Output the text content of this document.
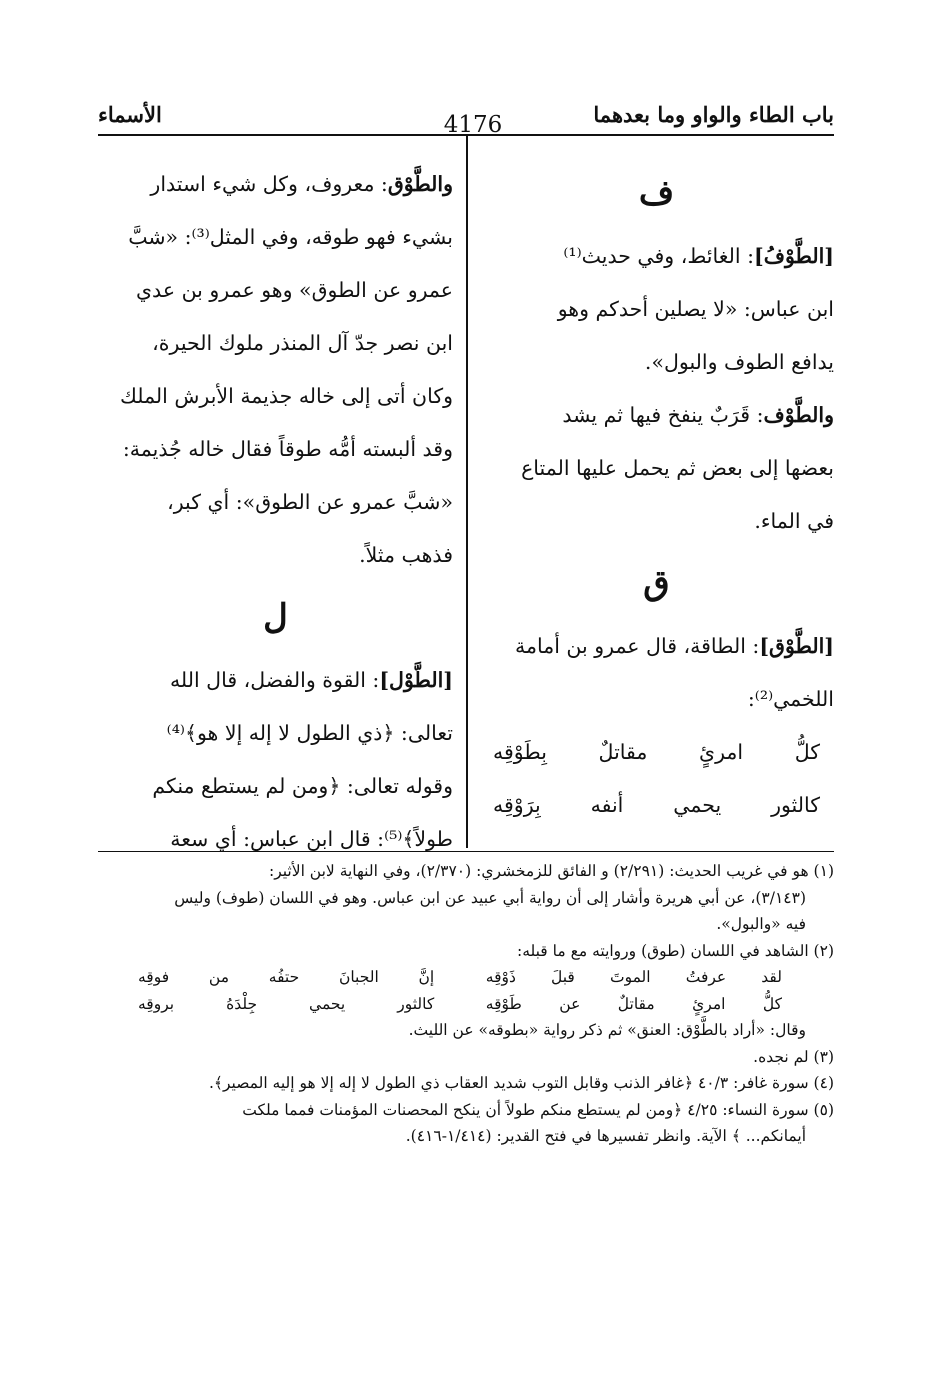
باب الطاء والواو وما بعدهما
4176
الأسماء

ف

[الطَّوْفُ]: الغائط، وفي حديث⁽¹⁾

ابن عباس: «لا يصلين أحدكم وهو

يدافع الطوف والبول».

والطَّوْف: قَرَبٌ ينفخ فيها ثم يشد

بعضها إلى بعض ثم يحمل عليها المتاع

في الماء.

ق

[الطَّوْق]: الطاقة، قال عمرو بن أمامة

اللخمي⁽²⁾:

كلُّ امرئٍ مقاتلٌ بِطَوْقِه

كالثور يحمي أنفه بِرَوْقِه

والطَّوْق: معروف، وكل شيء استدار

بشيء فهو طوقه، وفي المثل⁽³⁾: «شبَّ

عمرو عن الطوق» وهو عمرو بن عدي

ابن نصر جدّ آل المنذر ملوك الحيرة،

وكان أتى إلى خاله جذيمة الأبرش الملك

وقد ألبسته أمُّه طوقاً فقال خاله جُذيمة:

«شبَّ عمرو عن الطوق»: أي كبر،

فذهب مثلاً.

ل

[الطَّوْل]: القوة والفضل، قال الله

تعالى: ﴿ذي الطول لا إله إلا هو﴾⁽⁴⁾

وقوله تعالى: ﴿ومن لم يستطع منكم

طولاً﴾⁽⁵⁾: قال ابن عباس: أي سعة

(١) هو في غريب الحديث: (٢/٢٩١) و الفائق للزمخشري: (٢/٣٧٠)، وفي النهاية لابن الأثير:

(٣/١٤٣)، عن أبي هريرة وأشار إلى أن رواية أبي عبيد عن ابن عباس. وهو في اللسان (طوف) وليس

فيه «والبول».

(٢) الشاهد في اللسان (طوق) وروايته مع ما قبله:

لقد عرفتُ الموتَ قبلَ ذَوْقِه
إنَّ الجبانَ حتفُه من فوقِه
كلُّ امرئٍ مقاتلٌ عن طَوْقِه
كالثور يحمي جِلْدَهُ بروقِه

وقال: «أراد بالطَّوْق: العنق» ثم ذكر رواية «بطوقه» عن الليث.

(٣) لم نجده.

(٤) سورة غافر: ٤٠/٣ ﴿غافر الذنب وقابل التوب شديد العقاب ذي الطول لا إله إلا هو إليه المصير﴾.

(٥) سورة النساء: ٤/٢٥ ﴿ومن لم يستطع منكم طولاً أن ينكح المحصنات المؤمنات فمما ملكت

أيمانكم... ﴾ الآية. وانظر تفسيرها في فتح القدير: (١/٤١٤-٤١٦).
